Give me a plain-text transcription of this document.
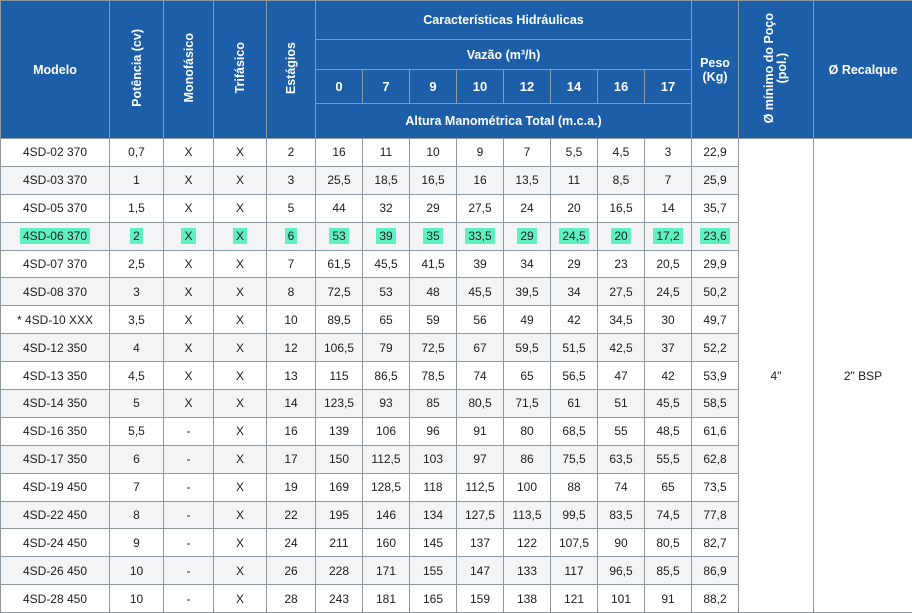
Modelo	Potência (cv)	Monofásico	Trifásico	Estágios	Características Hidráulicas								Peso
(Kg)	Ø mínimo do Poço
(pol.)	Ø Recalque
					Vazão (m³/h)										
					0	7	9	10	12	14	16	17			
					Altura Manométrica Total (m.c.a.)										
4SD-02 370	0,7	X	X	2	16	11	10	9	7	5,5	4,5	3	22,9	4"	2" BSP
4SD-03 370	1	X	X	3	25,5	18,5	16,5	16	13,5	11	8,5	7	25,9		
4SD-05 370	1,5	X	X	5	44	32	29	27,5	24	20	16,5	14	35,7		
4SD-06 370	2	X	X	6	53	39	35	33,5	29	24,5	20	17,2	23,6		
4SD-07 370	2,5	X	X	7	61,5	45,5	41,5	39	34	29	23	20,5	29,9		
4SD-08 370	3	X	X	8	72,5	53	48	45,5	39,5	34	27,5	24,5	50,2		
* 4SD-10 XXX	3,5	X	X	10	89,5	65	59	56	49	42	34,5	30	49,7		
4SD-12 350	4	X	X	12	106,5	79	72,5	67	59,5	51,5	42,5	37	52,2		
4SD-13 350	4,5	X	X	13	115	86,5	78,5	74	65	56,5	47	42	53,9		
4SD-14 350	5	X	X	14	123,5	93	85	80,5	71,5	61	51	45,5	58,5		
4SD-16 350	5,5	-	X	16	139	106	96	91	80	68,5	55	48,5	61,6		
4SD-17 350	6	-	X	17	150	112,5	103	97	86	75,5	63,5	55,5	62,8		
4SD-19 450	7	-	X	19	169	128,5	118	112,5	100	88	74	65	73,5		
4SD-22 450	8	-	X	22	195	146	134	127,5	113,5	99,5	83,5	74,5	77,8		
4SD-24 450	9	-	X	24	211	160	145	137	122	107,5	90	80,5	82,7		
4SD-26 450	10	-	X	26	228	171	155	147	133	117	96,5	85,5	86,9		
4SD-28 450	10	-	X	28	243	181	165	159	138	121	101	91	88,2		
